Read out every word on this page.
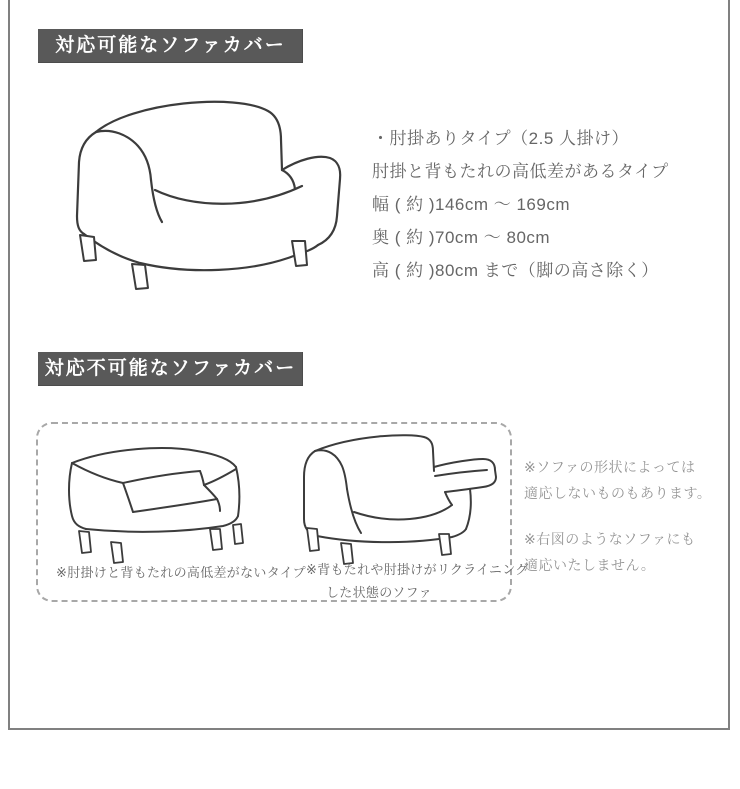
対応可能なソファカバー
・肘掛ありタイプ（2.5 人掛け）
肘掛と背もたれの高低差があるタイプ
幅 ( 約 )146cm ～ 169cm
奥 ( 約 )70cm ～ 80cm
高 ( 約 )80cm まで（脚の高さ除く）
対応不可能なソファカバー
※肘掛けと背もたれの高低差がないタイプ ※背もたれや肘掛けがリクライニング
した状態のソファ
※ソファの形状によっては
適応しないものもあります。
※右図のようなソファにも
適応いたしません。
